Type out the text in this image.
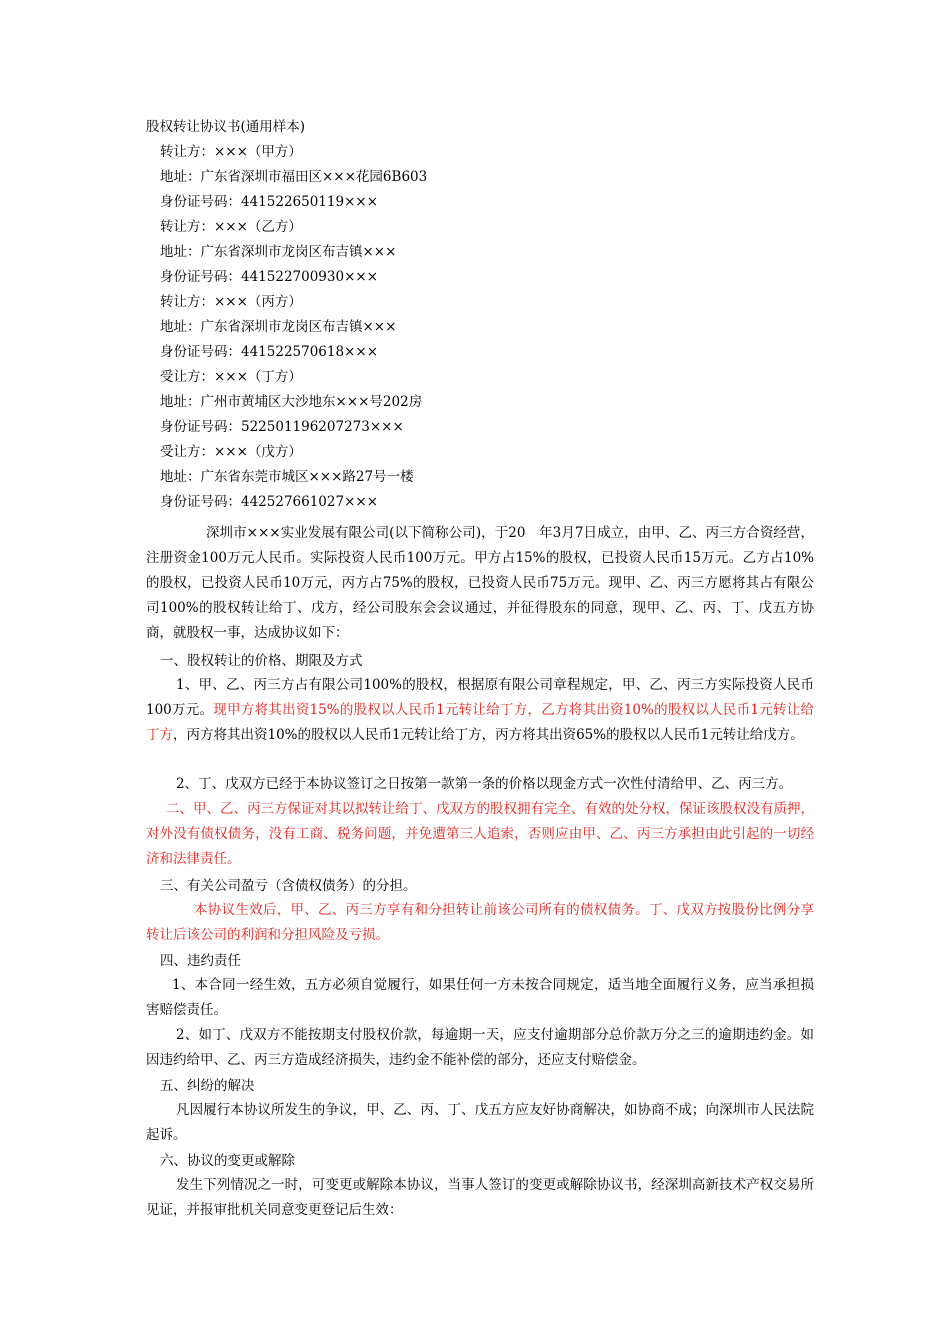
股权转让协议书(通用样本)
转让方：×××（甲方）
地址：广东省深圳市福田区×××花园6B603
身份证号码：441522650119×××
转让方：×××（乙方）
地址：广东省深圳市龙岗区布吉镇×××
身份证号码：441522700930×××
转让方：×××（丙方）
地址：广东省深圳市龙岗区布吉镇×××
身份证号码：441522570618×××
受让方：×××（丁方）
地址：广州市黄埔区大沙地东×××号202房
身份证号码：522501196207273×××
受让方：×××（戊方）
地址：广东省东莞市城区×××路27号一楼
身份证号码：442527661027×××
深圳市×××实业发展有限公司(以下简称公司)，于20　年3月7日成立，由甲、乙、丙三方合资经营，注册资金100万元人民币。实际投资人民币100万元。甲方占15%的股权，已投资人民币15万元。乙方占10%的股权，已投资人民币10万元，丙方占75%的股权，已投资人民币75万元。现甲、乙、丙三方愿将其占有限公司100%的股权转让给丁、戊方，经公司股东会会议通过，并征得股东的同意，现甲、乙、丙、丁、戊五方协商，就股权一事，达成协议如下：
一、股权转让的价格、期限及方式
1、甲、乙、丙三方占有限公司100%的股权，根据原有限公司章程规定，甲、乙、丙三方实际投资人民币100万元。现甲方将其出资15%的股权以人民币1元转让给丁方，乙方将其出资10%的股权以人民币1元转让给丁方，丙方将其出资10%的股权以人民币1元转让给丁方，丙方将其出资65%的股权以人民币1元转让给戊方。
2、丁、戊双方已经于本协议签订之日按第一款第一条的价格以现金方式一次性付清给甲、乙、丙三方。
二、甲、乙、丙三方保证对其以拟转让给丁、戊双方的股权拥有完全、有效的处分权，保证该股权没有质押，对外没有债权债务，没有工商、税务问题，并免遭第三人追索，否则应由甲、乙、丙三方承担由此引起的一切经济和法律责任。
三、有关公司盈亏（含债权债务）的分担。
本协议生效后，甲、乙、丙三方享有和分担转让前该公司所有的债权债务。丁、戊双方按股份比例分享转让后该公司的利润和分担风险及亏损。
四、违约责任
1、本合同一经生效，五方必须自觉履行，如果任何一方未按合同规定，适当地全面履行义务，应当承担损害赔偿责任。
2、如丁、戊双方不能按期支付股权价款，每逾期一天，应支付逾期部分总价款万分之三的逾期违约金。如因违约给甲、乙、丙三方造成经济损失，违约金不能补偿的部分，还应支付赔偿金。
五、纠纷的解决
凡因履行本协议所发生的争议，甲、乙、丙、丁、戊五方应友好协商解决，如协商不成；向深圳市人民法院起诉。
六、协议的变更或解除
发生下列情况之一时，可变更或解除本协议，当事人签订的变更或解除协议书，经深圳高新技术产权交易所见证，并报审批机关同意变更登记后生效：
